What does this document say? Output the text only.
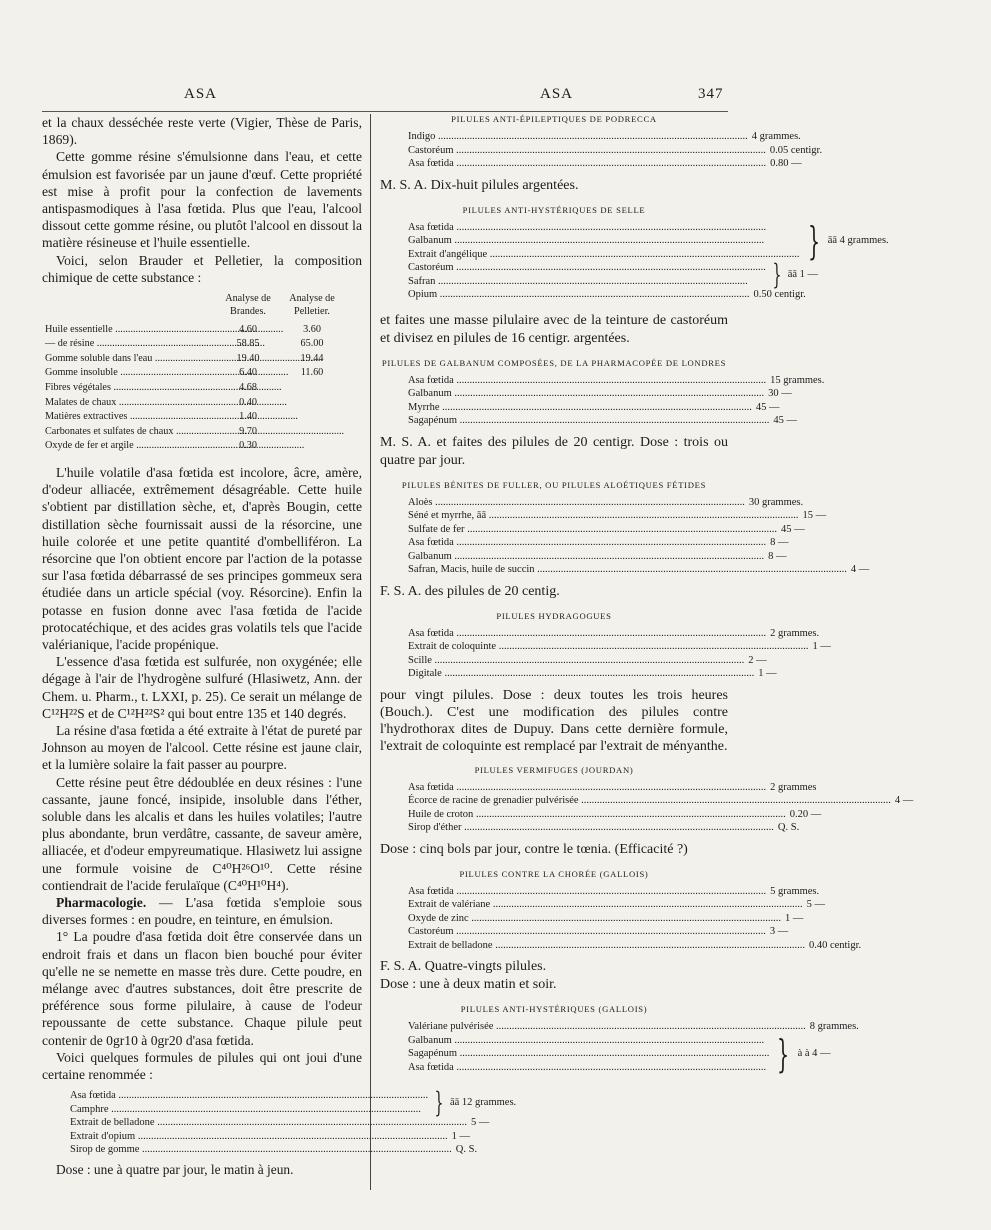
ASA	ASA	347

et la chaux desséchée reste verte (Vigier, Thèse de Paris, 1869).

Cette gomme résine s'émulsionne dans l'eau, et cette émulsion est favorisée par un jaune d'œuf. Cette propriété est mise à profit pour la confection de lavements antispasmodiques à l'asa fœtida. Plus que l'eau, l'alcool dissout cette gomme résine, ou plutôt l'alcool en dissout la matière résineuse et l'huile essentielle.

Voici, selon Brauder et Pelletier, la composition chimique de cette substance :

	Analyse de Brandes.	Analyse de Pelletier.
Huile essentielle .....	4.60	3.60
— de résine .....	58.85	65.00
Gomme soluble dans l'eau .....	19.40	19.44
Gomme insoluble .....	6.40	11.60
Fibres végétales .....	4.68	
Malates de chaux .....	0.40	
Matières extractives .....	1.40	
Carbonates et sulfates de chaux .....	9.70	
Oxyde de fer et argile .....	0.30	

L'huile volatile d'asa fœtida est incolore, âcre, amère, d'odeur alliacée, extrêmement désagréable. Cette huile s'obtient par distillation sèche, et, d'après Bougin, cette distillation sèche fournissait aussi de la résorcine, une huile colorée et une petite quantité d'ombelliféron. La résorcine que l'on obtient encore par l'action de la potasse sur l'asa fœtida débarrassé de ses principes gommeux sera étudiée dans un article spécial (voy. Résorcine). Enfin la potasse en fusion donne avec l'asa fœtida de l'acide protocatéchique, et des acides gras volatils tels que l'acide valérianique, l'acide propénique.

L'essence d'asa fœtida est sulfurée, non oxygénée; elle dégage à l'air de l'hydrogène sulfuré (Hlasiwetz, Ann. der Chem. u. Pharm., t. LXXI, p. 25). Ce serait un mélange de C¹²H²²S et de C¹²H²²S² qui bout entre 135 et 140 degrés.

La résine d'asa fœtida a été extraite à l'état de pureté par Johnson au moyen de l'alcool. Cette résine est jaune clair, et la lumière solaire la fait passer au pourpre.

Cette résine peut être dédoublée en deux résines : l'une cassante, jaune foncé, insipide, insoluble dans l'éther, soluble dans les alcalis et dans les huiles volatiles; l'autre plus abondante, brun verdâtre, cassante, de saveur amère, alliacée, et d'odeur empyreumatique. Hlasiwetz lui assigne une formule voisine de C⁴⁰H²⁶O¹⁰. Cette résine contiendrait de l'acide ferulaïque (C⁴⁰H¹⁰H⁴).

Pharmacologie. — L'asa fœtida s'emploie sous diverses formes : en poudre, en teinture, en émulsion.

1° La poudre d'asa fœtida doit être conservée dans un endroit frais et dans un flacon bien bouché pour éviter qu'elle ne se nemette en masse très dure. Cette poudre, en mélange avec d'autres substances, doit être prescrite de préférence sous forme pilulaire, à cause de l'odeur repoussante de cette substance. Chaque pilule peut contenir de 0gr10 à 0gr20 d'asa fœtida.

Voici quelques formules de pilules qui ont joui d'une certaine renommée :

Asa fœtida .....
Camphre .....	} āā 12 grammes.
Extrait de belladone .....	5 —
Extrait d'opium .....	1 —
Sirop de gomme .....	Q. S.

Dose : une à quatre par jour, le matin à jeun.

PILULES ANTI-ÉPILEPTIQUES DE PODRECCA
Indigo .....	4 grammes.
Castoréum .....	0.05 centigr.
Asa fœtida .....	0.80 —

M. S. A. Dix-huit pilules argentées.

PILULES ANTI-HYSTÉRIQUES DE SELLE
Asa fœtida .....
Galbanum .....
Extrait d'angélique .....	} āā 4 grammes.
Castoréum .....
Safran .....	} āā 1 —
Opium .....	0.50 centigr.

et faites une masse pilulaire avec de la teinture de castoréum et divisez en pilules de 16 centigr. argentées.

PILULES DE GALBANUM COMPOSÉES, DE LA PHARMACOPÉE DE LONDRES
Asa fœtida .....	15 grammes.
Galbanum .....	30 —
Myrrhe .....	45 —
Sagapénum .....	45 —

M. S. A. et faites des pilules de 20 centigr. Dose : trois ou quatre par jour.

PILULES BÉNITES DE FULLER, OU PILULES ALOÉTIQUES FÉTIDES
Aloès .....	30 grammes.
Séné et myrrhe, āā .....	15 —
Sulfate de fer .....	45 —
Asa fœtida .....	8 —
Galbanum .....	8 —
Safran, Macis, huile de succin .....	4 —

F. S. A. des pilules de 20 centig.

PILULES HYDRAGOGUES
Asa fœtida .....	2 grammes.
Extrait de coloquinte .....	1 —
Scille .....	2 —
Digitale .....	1 —

pour vingt pilules. Dose : deux toutes les trois heures (Bouch.). C'est une modification des pilules contre l'hydrothorax dites de Dupuy. Dans cette dernière formule, l'extrait de coloquinte est remplacé par l'extrait de ményanthe.

PILULES VERMIFUGES (JOURDAN)
Asa fœtida .....	2 grammes
Écorce de racine de grenadier pulvérisée .....	4 —
Huile de croton .....	0.20 —
Sirop d'éther .....	Q. S.

Dose : cinq bols par jour, contre le tœnia. (Efficacité ?)

PILULES CONTRE LA CHORÉE (GALLOIS)
Asa fœtida .....	5 grammes.
Extrait de valériane .....	5 —
Oxyde de zinc .....	1 —
Castoréum .....	3 —
Extrait de belladone .....	0.40 centigr.

F. S. A. Quatre-vingts pilules.

Dose : une à deux matin et soir.

PILULES ANTI-HYSTÉRIQUES (GALLOIS)
Valériane pulvérisée .....	8 grammes.
Galbanum .....
Sagapénum .....
Asa fœtida .....	} à à 4 —
